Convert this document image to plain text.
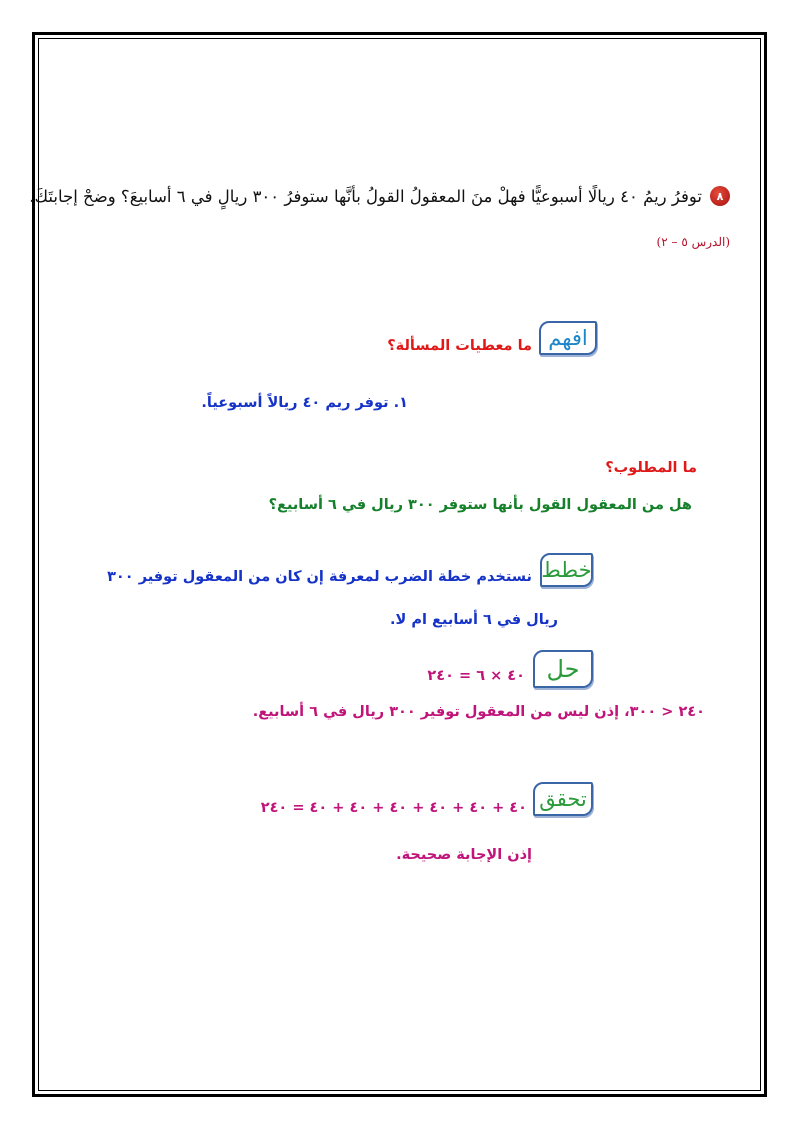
٨
توفرُ ريمُ ٤٠ ريالًا أسبوعيًّا فهلْ منَ المعقولُ القولُ بأنَّها ستوفرُ ٣٠٠ ريالٍ في ٦ أسابيعَ؟ وضحْ إجابتَكَ.
(الدرس ٥ – ٢)
افهم
ما معطيات المسألة؟
١. توفر ريم ٤٠ ريالاً أسبوعياً.
ما المطلوب؟
هل من المعقول القول بأنها ستوفر ٣٠٠ ريال في ٦ أسابيع؟
خطط
نستخدم خطة الضرب لمعرفة إن كان من المعقول توفير ٣٠٠
ريال في ٦ أسابيع ام لا.
حل
٤٠ × ٦ = ٢٤٠
٢٤٠ < ٣٠٠، إذن ليس من المعقول توفير ٣٠٠ ريال في ٦ أسابيع.
تحقق
٤٠ + ٤٠ + ٤٠ + ٤٠ + ٤٠ + ٤٠ = ٢٤٠
إذن الإجابة صحيحة.
